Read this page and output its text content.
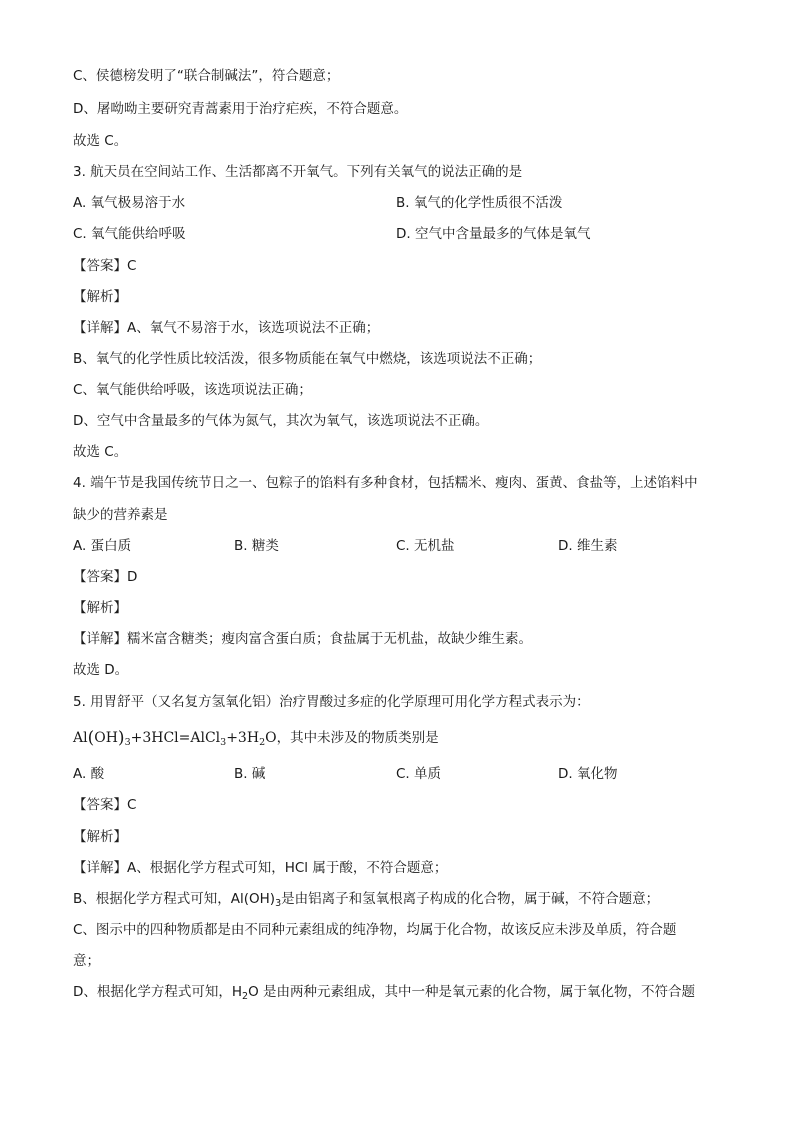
C、侯德榜发明了“联合制碱法”，符合题意；
D、屠呦呦主要研究青蒿素用于治疗疟疾，不符合题意。
故选 C。
3. 航天员在空间站工作、生活都离不开氧气。下列有关氧气的说法正确的是
A. 氧气极易溶于水	B. 氧气的化学性质很不活泼
C. 氧气能供给呼吸	D. 空气中含量最多的气体是氧气
【答案】C
【解析】
【详解】A、氧气不易溶于水，该选项说法不正确；
B、氧气的化学性质比较活泼，很多物质能在氧气中燃烧，该选项说法不正确；
C、氧气能供给呼吸，该选项说法正确；
D、空气中含量最多的气体为氮气，其次为氧气，该选项说法不正确。
故选 C。
4. 端午节是我国传统节日之一、包粽子的馅料有多种食材，包括糯米、瘦肉、蛋黄、食盐等，上述馅料中
缺少的营养素是
A. 蛋白质	B. 糖类	C. 无机盐	D. 维生素
【答案】D
【解析】
【详解】糯米富含糖类；瘦肉富含蛋白质；食盐属于无机盐，故缺少维生素。
故选 D。
5. 用胃舒平（又名复方氢氧化铝）治疗胃酸过多症的化学原理可用化学方程式表示为：
$Al(OH)_3+3HCl=AlCl_3+3H_2O$，其中未涉及的物质类别是
A. 酸	B. 碱	C. 单质	D. 氧化物
【答案】C
【解析】
【详解】A、根据化学方程式可知，HCl 属于酸，不符合题意；
B、根据化学方程式可知，$Al(OH)_3$是由铝离子和氢氧根离子构成的化合物，属于碱，不符合题意；
C、图示中的四种物质都是由不同种元素组成的纯净物，均属于化合物，故该反应未涉及单质，符合题
意；
D、根据化学方程式可知，$H_2O$ 是由两种元素组成，其中一种是氧元素的化合物，属于氧化物，不符合题
